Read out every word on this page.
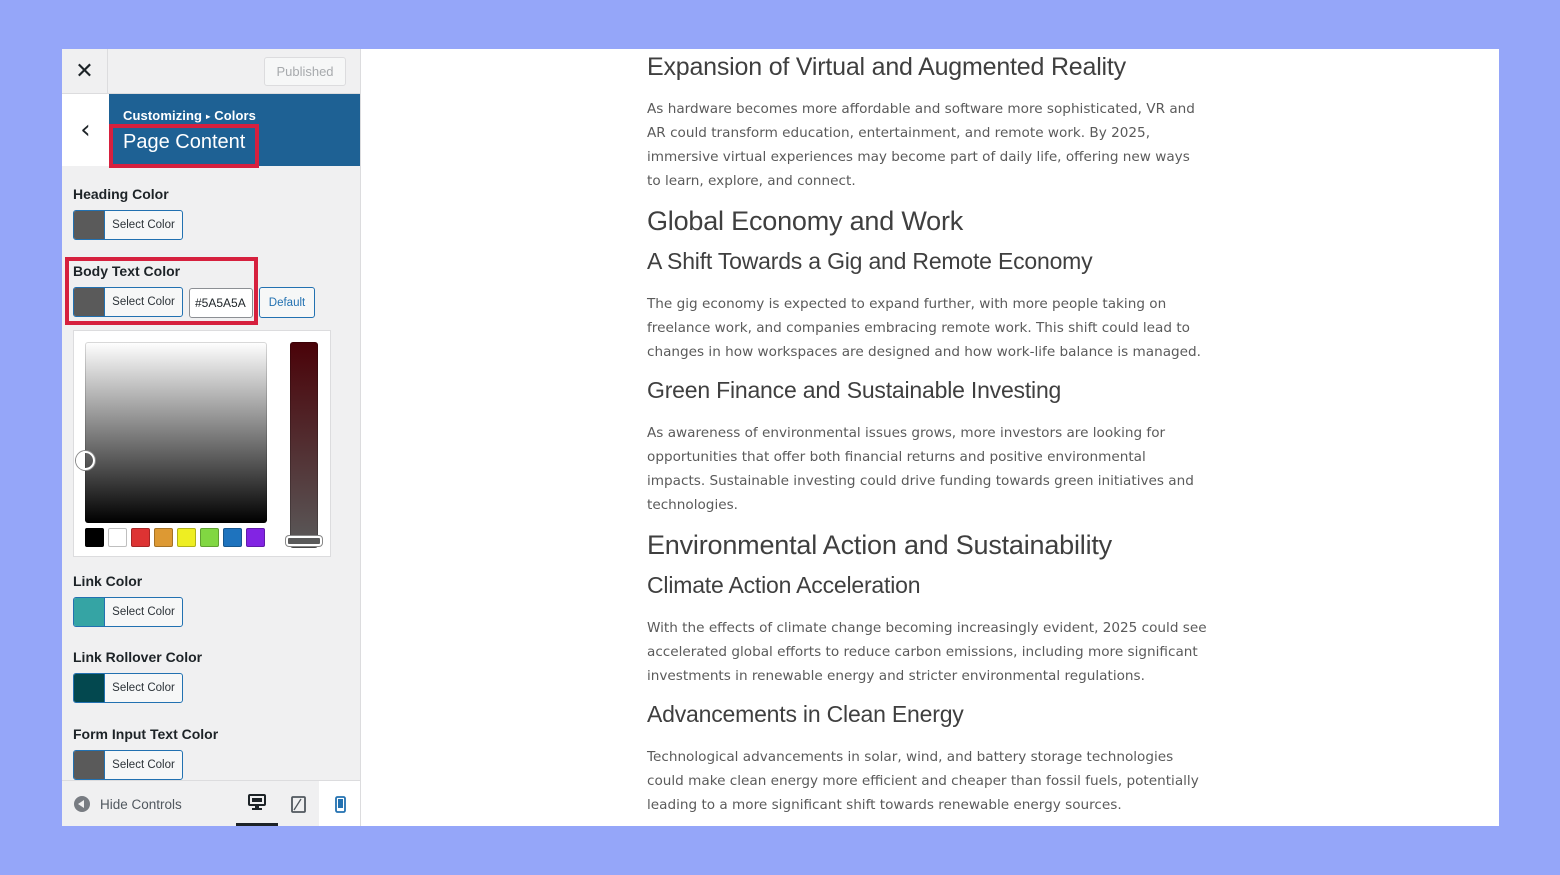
✕	Published
‹	Customizing ▸ Colors
Page Content
Heading Color
Select Color
Body Text Color
Select Color
#5A5A5A	Default
Link Color
Select Color
Link Rollover Color
Select Color
Form Input Text Color
Select Color
Hide Controls
Expansion of Virtual and Augmented Reality

As hardware becomes more affordable and software more sophisticated, VR and AR could transform education, entertainment, and remote work. By 2025, immersive virtual experiences may become part of daily life, offering new ways to learn, explore, and connect.

Global Economy and Work
A Shift Towards a Gig and Remote Economy

The gig economy is expected to expand further, with more people taking on freelance work, and companies embracing remote work. This shift could lead to changes in how workspaces are designed and how work-life balance is managed.

Green Finance and Sustainable Investing

As awareness of environmental issues grows, more investors are looking for opportunities that offer both financial returns and positive environmental impacts. Sustainable investing could drive funding towards green initiatives and technologies.

Environmental Action and Sustainability
Climate Action Acceleration

With the effects of climate change becoming increasingly evident, 2025 could see accelerated global efforts to reduce carbon emissions, including more significant investments in renewable energy and stricter environmental regulations.

Advancements in Clean Energy

Technological advancements in solar, wind, and battery storage technologies could make clean energy more efficient and cheaper than fossil fuels, potentially leading to a more significant shift towards renewable energy sources.
